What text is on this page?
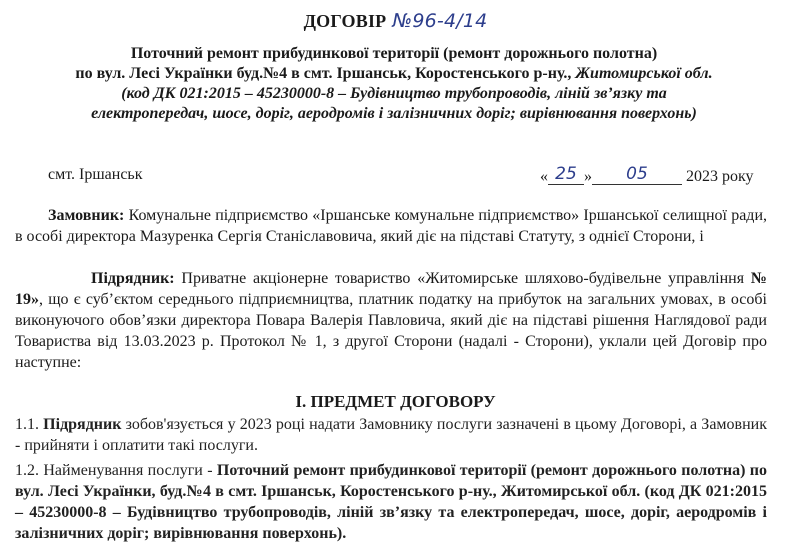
ДОГОВІР №96-4/14
Поточний ремонт прибудинкової території (ремонт дорожнього полотна)
по вул. Лесі Українки буд.№4 в смт. Іршанськ, Коростенського р-ну., Житомирської обл.
(код ДК 021:2015 – 45230000-8 – Будівництво трубопроводів, ліній зв’язку та
електропередач, шосе, доріг, аеродромів і залізничних доріг; вирівнювання поверхонь)
смт. Іршанськ	« 25 » 05 2023 року
Замовник: Комунальне підприємство «Іршанське комунальне підприємство» Іршанської селищної ради, в особі директора Мазуренка Сергія Станіславовича, який діє на підставі Статуту, з однієї Сторони, і
Підрядник: Приватне акціонерне товариство «Житомирське шляхово-будівельне управління № 19», що є суб’єктом середнього підприємництва, платник податку на прибуток на загальних умовах, в особі виконуючого обов’язки директора Повара Валерія Павловича, який діє на підставі рішення Наглядової ради Товариства від 13.03.2023 р. Протокол № 1, з другої Сторони (надалі - Сторони), уклали цей Договір про наступне:
І. ПРЕДМЕТ ДОГОВОРУ
1.1. Підрядник зобов'язується у 2023 році надати Замовнику послуги зазначені в цьому Договорі, а Замовник - прийняти і оплатити такі послуги.
1.2. Найменування послуги - Поточний ремонт прибудинкової території (ремонт дорожнього полотна) по вул. Лесі Українки, буд.№4 в смт. Іршанськ, Коростенського р-ну., Житомирської обл. (код ДК 021:2015 – 45230000-8 – Будівництво трубопроводів, ліній зв’язку та електропередач, шосе, доріг, аеродромів і залізничних доріг; вирівнювання поверхонь).
